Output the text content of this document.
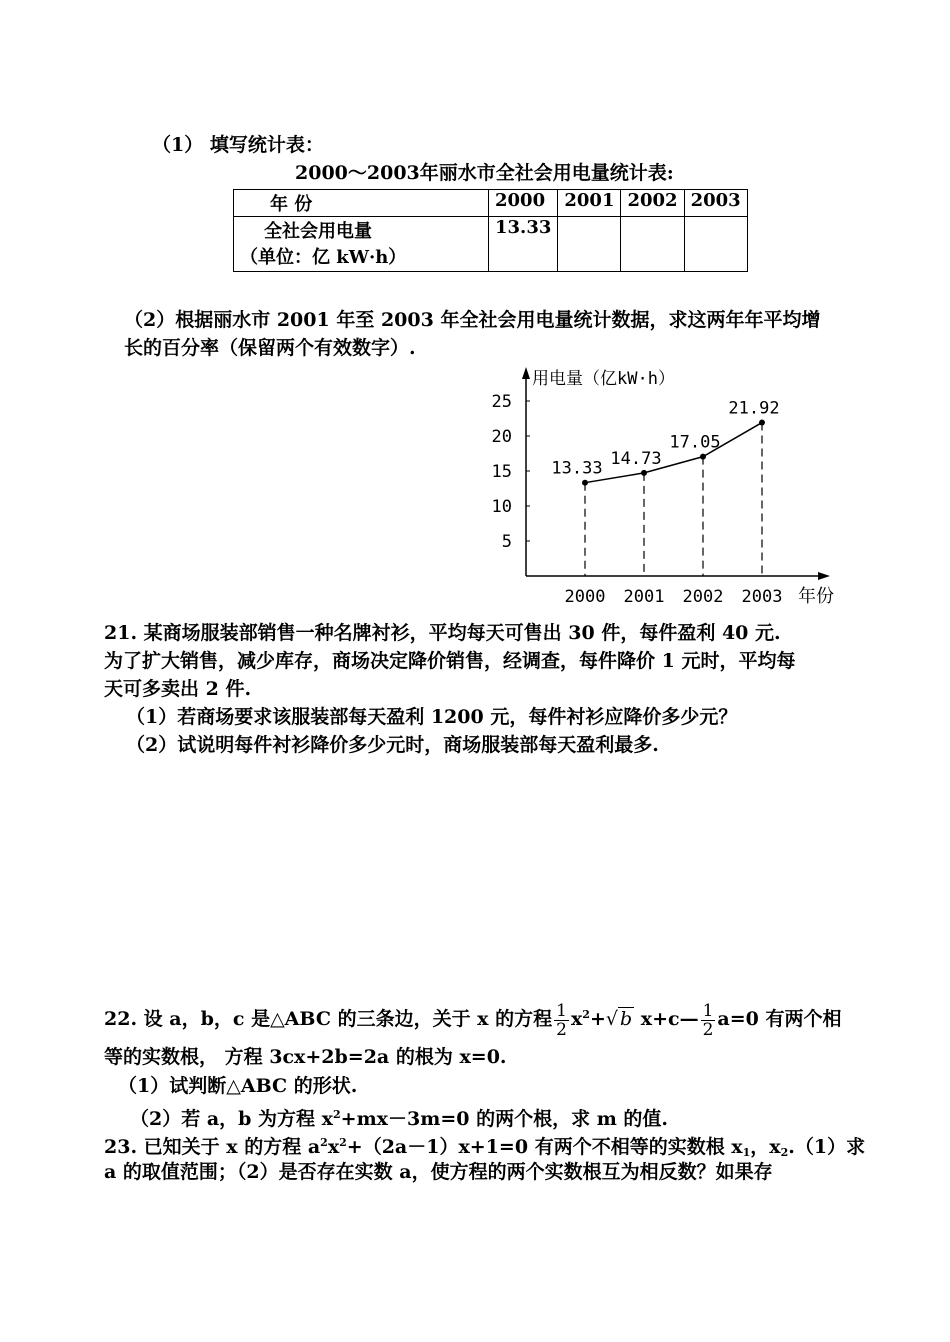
（1） 填写统计表：
2000～2003年丽水市全社会用电量统计表:
年 份	2000	2001	2002	2003

全社会用电量
（单位：亿 kW·h）	13.33			
（2）根据丽水市 2001 年至 2003 年全社会用电量统计数据，求这两年年平均增
长的百分率（保留两个有效数字）.
用电量（亿kW·h）
年份
25
20
15
10
5
2000 2001 2002 2003
13.33 14.73
17.05
21.92
21. 某商场服装部销售一种名牌衬衫，平均每天可售出 30 件，每件盈利 40 元.
为了扩大销售，减少库存，商场决定降价销售，经调查，每件降价 1 元时，平均每
天可多卖出 2 件.
（1）若商场要求该服装部每天盈利 1200 元，每件衬衫应降价多少元？
（2）试说明每件衬衫降价多少元时，商场服装部每天盈利最多.
22. 设 a，b，c 是△ABC 的三条边，关于 x 的方程 $\frac{1}{2} x^2+√$ b x+c— $\frac{1}{2} a=0$ 有两个相
等的实数根， 方程 3cx+2b=2a 的根为 x=0.
（1）试判断△ABC 的形状.
（2）若 a，b 为方程 $x^2+mx-3m=0$ 的两个根，求 m 的值.
23. 已知关于 x 的方程 $a^2x^2+(2a-1)x+1=0$ 有两个不相等的实数根 $x_1$，$x_2.(1)$求
a 的取值范围；（2）是否存在实数 a，使方程的两个实数根互为相反数？如果存
